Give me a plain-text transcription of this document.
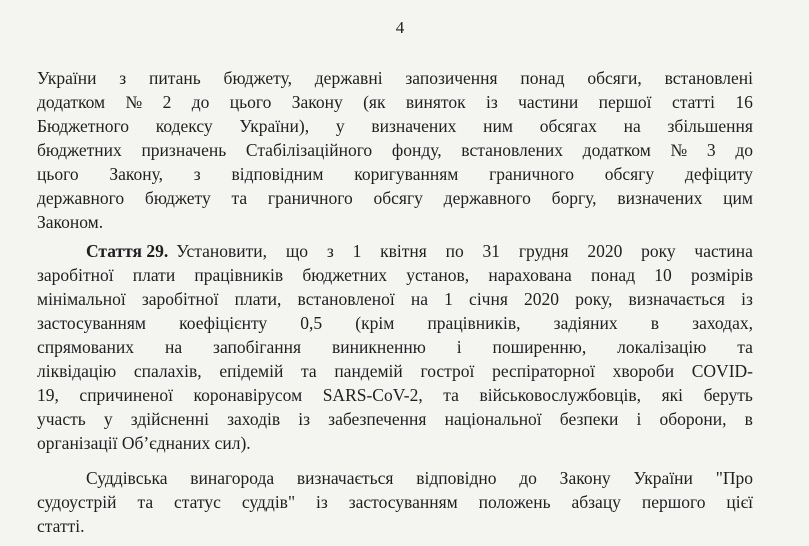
4
України з питань бюджету, державні запозичення понад обсяги, встановлені
додатком № 2 до цього Закону (як виняток із частини першої статті 16
Бюджетного кодексу України), у визначених ним обсягах на збільшення
бюджетних призначень Стабілізаційного фонду, встановлених додатком № 3 до
цього Закону, з відповідним коригуванням граничного обсягу дефіциту
державного бюджету та граничного обсягу державного боргу, визначених цим
Законом.
Стаття 29. Установити, що з 1 квітня по 31 грудня 2020 року частина
заробітної плати працівників бюджетних установ, нарахована понад 10 розмірів
мінімальної заробітної плати, встановленої на 1 січня 2020 року, визначається із
застосуванням коефіцієнту 0,5 (крім працівників, задіяних в заходах,
спрямованих на запобігання виникненню і поширенню, локалізацію та
ліквідацію спалахів, епідемій та пандемій гострої респіраторної хвороби COVID-
19, спричиненої коронавірусом SARS-CoV-2, та військовослужбовців, які беруть
участь у здійсненні заходів із забезпечення національної безпеки і оборони, в
організації Об’єднаних сил).
Суддівська винагорода визначається відповідно до Закону України "Про
судоустрій та статус суддів" із застосуванням положень абзацу першого цієї
статті.
